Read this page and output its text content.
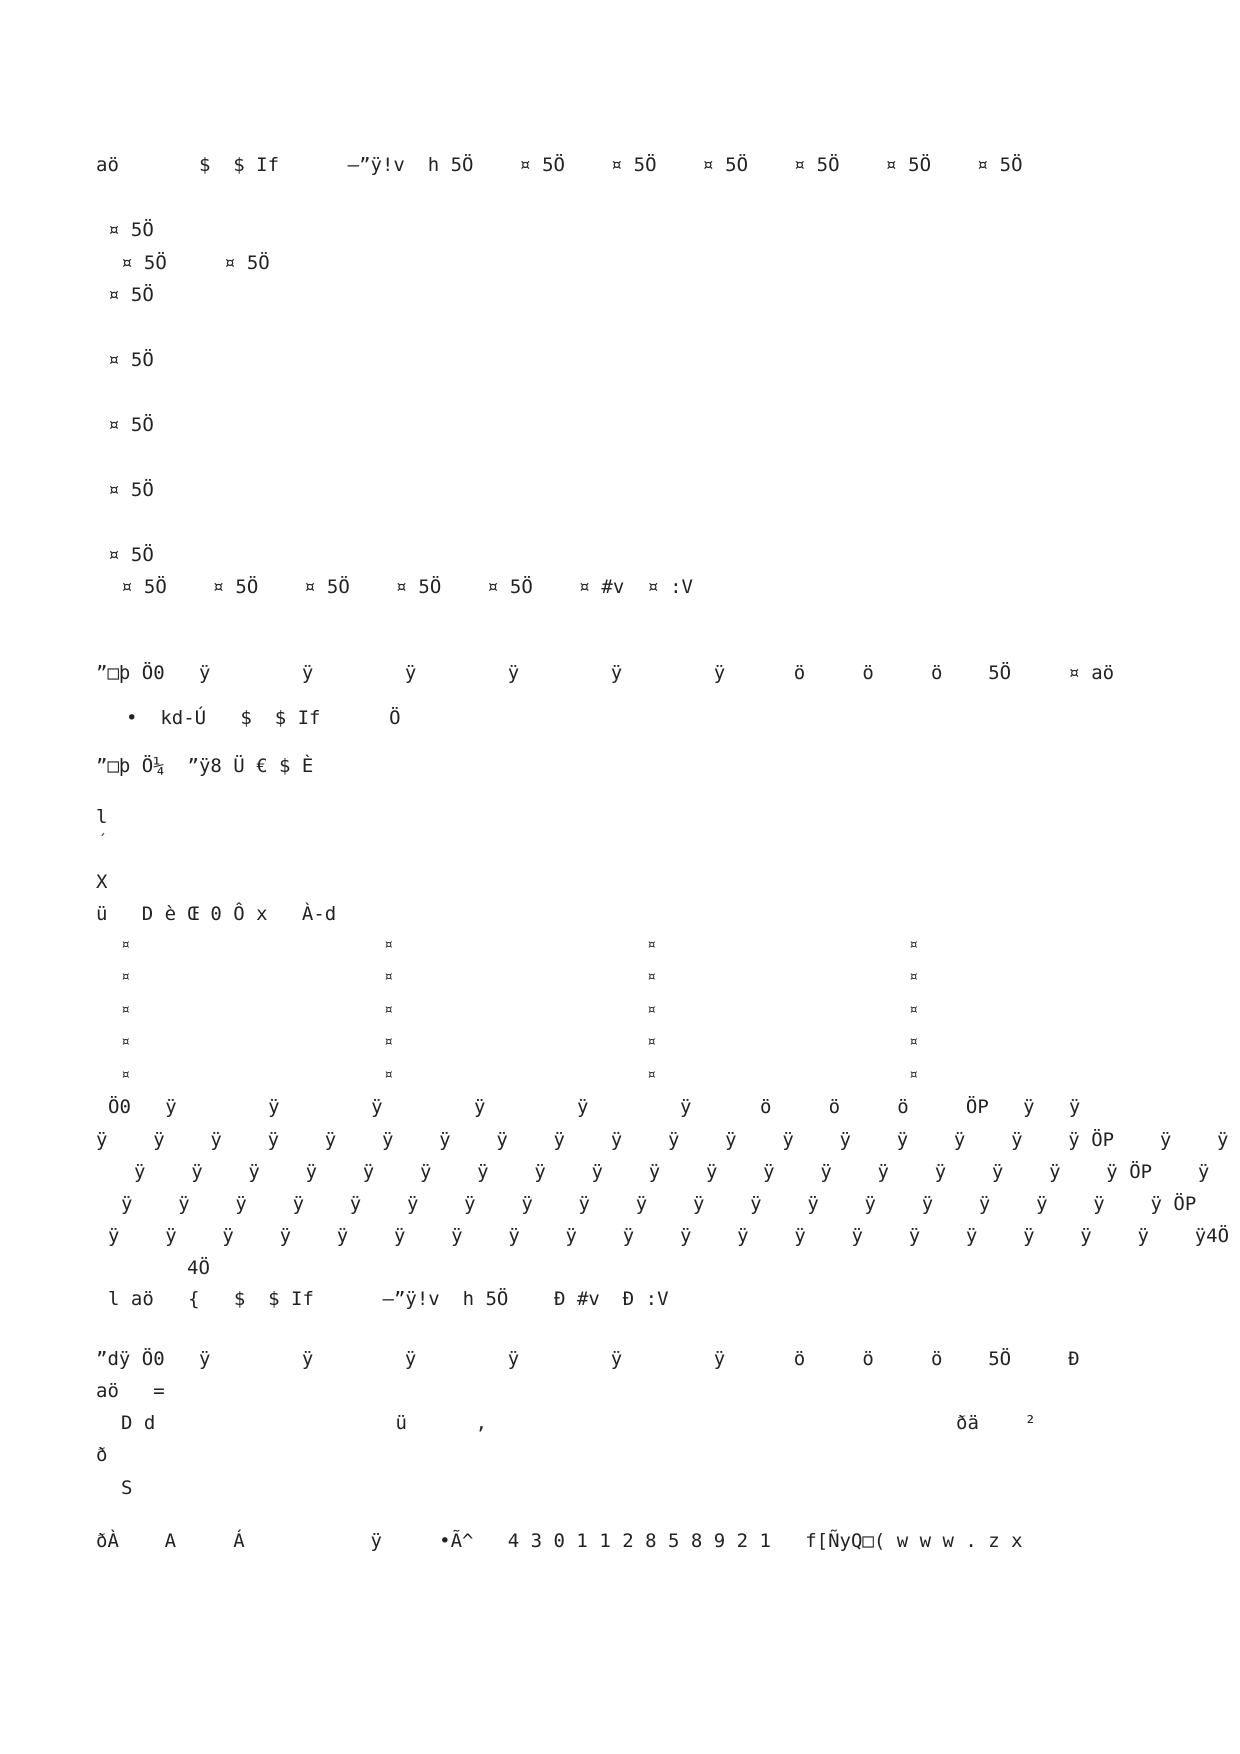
aö       $  $ If      –”ÿ!v  h 5Ö    ¤ 5Ö    ¤ 5Ö    ¤ 5Ö    ¤ 5Ö    ¤ 5Ö    ¤ 5Ö
¤ 5Ö
¤ 5Ö     ¤ 5Ö
¤ 5Ö
¤ 5Ö
¤ 5Ö
¤ 5Ö
¤ 5Ö
¤ 5Ö    ¤ 5Ö    ¤ 5Ö    ¤ 5Ö    ¤ 5Ö    ¤ #v  ¤ :V
”□þ Ö0   ÿ        ÿ        ÿ        ÿ        ÿ        ÿ      ö     ö     ö    5Ö     ¤ aö
•  kd-Ú   $  $ If      Ö
”□þ Ö¼  ”ÿ8 Ü € $ È
l
´
X
ü   D è Œ 0 Ô x   À-d
¤	¤	¤	¤
¤	¤	¤	¤
¤	¤	¤	¤
¤	¤	¤	¤
¤	¤	¤	¤
Ö0   ÿ        ÿ        ÿ        ÿ        ÿ        ÿ      ö     ö     ö     ÖP   ÿ   ÿ
ÿ    ÿ    ÿ    ÿ    ÿ    ÿ    ÿ    ÿ    ÿ    ÿ    ÿ    ÿ    ÿ    ÿ    ÿ    ÿ    ÿ    ÿ ÖP    ÿ    ÿ
ÿ    ÿ    ÿ    ÿ    ÿ    ÿ    ÿ    ÿ    ÿ    ÿ    ÿ    ÿ    ÿ    ÿ    ÿ    ÿ    ÿ    ÿ ÖP    ÿ
ÿ    ÿ    ÿ    ÿ    ÿ    ÿ    ÿ    ÿ    ÿ    ÿ    ÿ    ÿ    ÿ    ÿ    ÿ    ÿ    ÿ    ÿ    ÿ ÖP
ÿ    ÿ    ÿ    ÿ    ÿ    ÿ    ÿ    ÿ    ÿ    ÿ    ÿ    ÿ    ÿ    ÿ    ÿ    ÿ    ÿ    ÿ    ÿ    ÿ4Ö
4Ö
l aö   {   $  $ If      –”ÿ!v  h 5Ö    Ð #v  Ð :V
”dÿ Ö0   ÿ        ÿ        ÿ        ÿ        ÿ        ÿ      ö     ö     ö    5Ö     Ð
aö   =
D d                     ü      ,                                         ðä    ²
ð
S
ðÀ    A     Á           ÿ     •Ã^   4 3 0 1 1 2 8 5 8 9 2 1   f[ÑyQ□( w w w . z x
